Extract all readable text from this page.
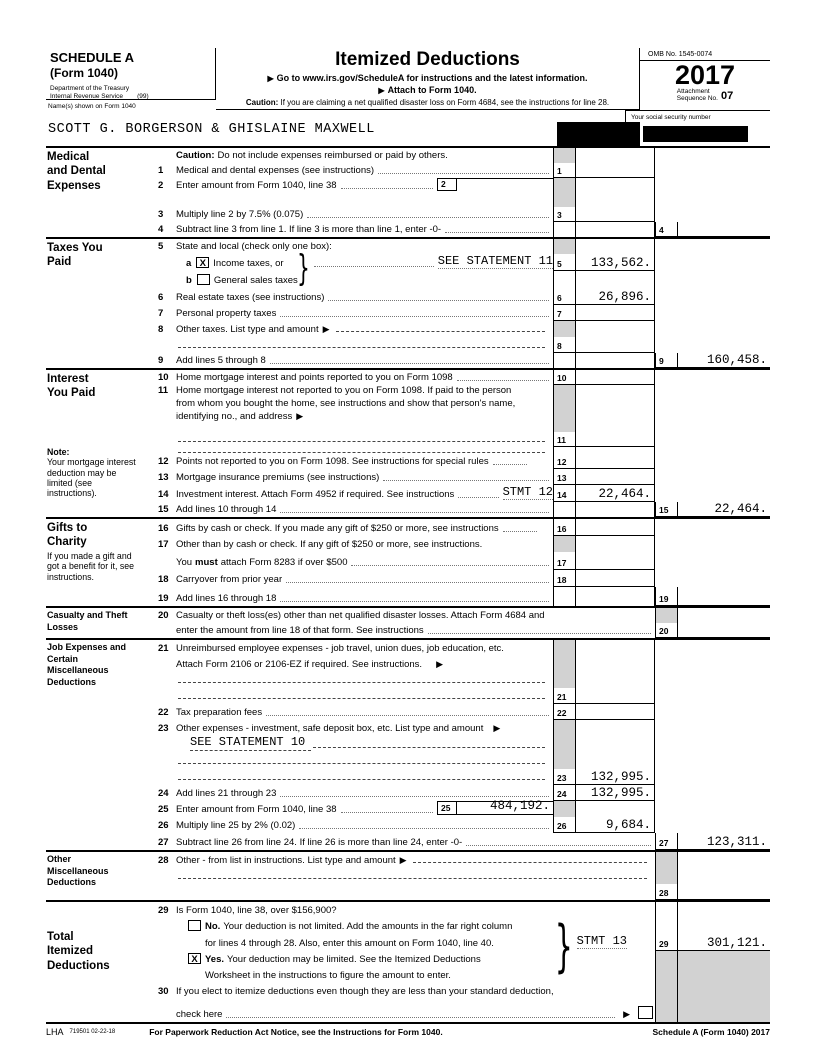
SCHEDULE A
(Form 1040)
Department of the Treasury
Internal Revenue Service	(99)
Itemized Deductions
▶ Go to www.irs.gov/ScheduleA for instructions and the latest information.
▶ Attach to Form 1040.
Caution: If you are claiming a net qualified disaster loss on Form 4684, see the instructions for line 28.
OMB No. 1545-0074
2017
Attachment
Sequence No. 07
Name(s) shown on Form 1040
SCOTT G. BORGERSON & GHISLAINE MAXWELL
Your social security number
Medical and Dental Expenses
Caution: Do not include expenses reimbursed or paid by others.
1	Medical and dental expenses (see instructions)	1
2	Enter amount from Form 1040, line 38	2
3	Multiply line 2 by 7.5% (0.075)	3
4	Subtract line 3 from line 1. If line 3 is more than line 1, enter -0-	4
Taxes You Paid	}
5	State and local (check only one box):
a X Income taxes, or	SEE STATEMENT 11 5	133,562.
b General sales taxes
6	Real estate taxes (see instructions)	6	26,896.
7	Personal property taxes	7
8	Other taxes. List type and amount
▶
8
9	Add lines 5 through 8	9	160,458.
Interest You Paid
Note:
Your mortgage interest deduction may be limited (see instructions).
10 Home mortgage interest and points reported to you on Form 1098	10
11 Home mortgage interest not reported to you on Form 1098. If paid to the person
from whom you bought the home, see instructions and show that person's name,
identifying no., and address
▶
11
12 Points not reported to you on Form 1098. See instructions for special rules	12
13 Mortgage insurance premiums (see instructions)	13
14 Investment interest. Attach Form 4952 if required. See instructions	STMT 12 14	22,464.
15 Add lines 10 through 14	15	22,464.
Gifts to Charity
If you made a gift and got a benefit for it, see instructions.
16 Gifts by cash or check. If you made any gift of $250 or more, see instructions	16
17 Other than by cash or check. If any gift of $250 or more, see instructions.
You must attach Form 8283 if over $500	17
18 Carryover from prior year	18
19 Add lines 16 through 18	19
Casualty and Theft Losses
20 Casualty or theft loss(es) other than net qualified disaster losses. Attach Form 4684 and
enter the amount from line 18 of that form. See instructions	20
Job Expenses and Certain Miscellaneous Deductions
21 Unreimbursed employee expenses - job travel, union dues, job education, etc.
Attach Form 2106 or 2106-EZ if required. See instructions.
▶
21
22 Tax preparation fees	22
23 Other expenses - investment, safe deposit box, etc. List type and amount
▶
SEE STATEMENT 10
23	132,995.
24 Add lines 21 through 23	24	132,995.
25 Enter amount from Form 1040, line 38	25	484,192.
26 Multiply line 25 by 2% (0.02)	26	9,684.
27 Subtract line 26 from line 24. If line 26 is more than line 24, enter -0-	27	123,311.
Other Miscellaneous Deductions
28 Other - from list in instructions. List type and amount
▶
28
Total Itemized Deductions	}
29 Is Form 1040, line 38, over $156,900?
No. Your deduction is not limited. Add the amounts in the far right column
for lines 4 through 28. Also, enter this amount on Form 1040, line 40.	STMT 13	29	301,121.
X Yes. Your deduction may be limited. See the Itemized Deductions
Worksheet in the instructions to figure the amount to enter.
30 If you elect to itemize deductions even though they are less than your standard deduction,
check here
▶
LHA 719501 02-22-18	For Paperwork Reduction Act Notice, see the Instructions for Form 1040.	Schedule A (Form 1040) 2017
